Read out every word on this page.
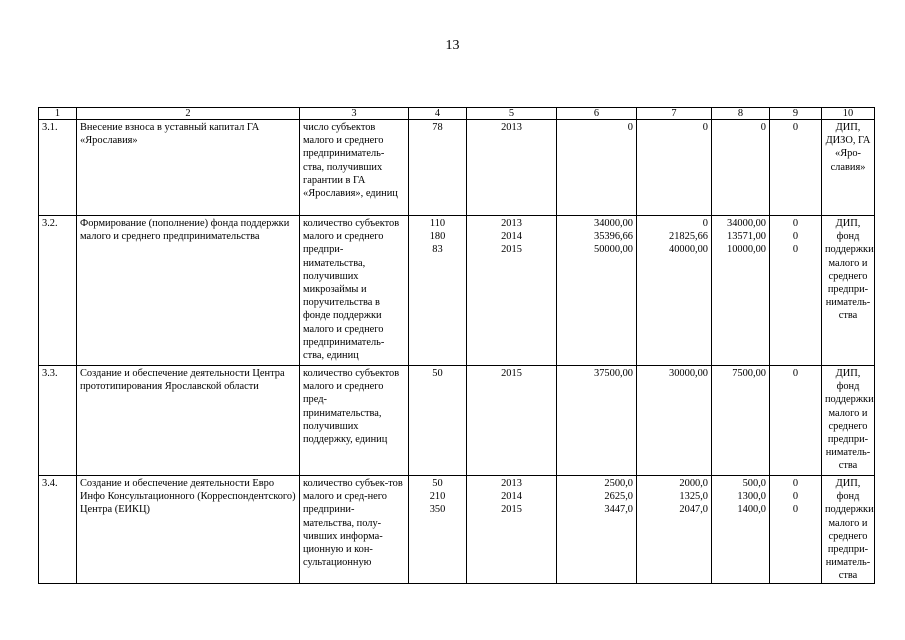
13
1	2	3	4	5	6	7	8	9	10
3.1.	Внесение взноса в уставный капитал ГА «Ярославия»	число субъектов малого и среднего предприниматель-ства, получивших гарантии в ГА «Ярославия», единиц	78	2013	0	0	0	0	ДИП, ДИЗО, ГА «Яро-славия»
3.2.	Формирование (пополнение) фонда поддержки малого и среднего предпринимательства	количество субъектов малого и среднего предпри-нимательства, получивших микрозаймы и поручительства в фонде поддержки малого и среднего предприниматель-ства, единиц	110
180
83	2013
2014
2015	34000,00
35396,66
50000,00	0
21825,66
40000,00	34000,00
13571,00
10000,00	0
0
0	ДИП, фонд поддержки малого и среднего предпри-ниматель-ства
3.3.	Создание и обеспечение деятельности Центра прототипирования Ярославской области	количество субъектов малого и среднего пред-принимательства, получивших поддержку, единиц	50	2015	37500,00	30000,00	7500,00	0	ДИП, фонд поддержки малого и среднего предпри-ниматель-ства
3.4.	Создание и обеспечение деятельности Евро Инфо Консультационного (Корреспондентского) Центра (ЕИКЦ)	количество субъек-тов малого и сред-него предприни-мательства, полу-чивших информа-ционную и кон-сультационную	50
210
350	2013
2014
2015	2500,0
2625,0
3447,0	2000,0
1325,0
2047,0	500,0
1300,0
1400,0	0
0
0	ДИП, фонд поддержки малого и среднего предпри-ниматель-ства
